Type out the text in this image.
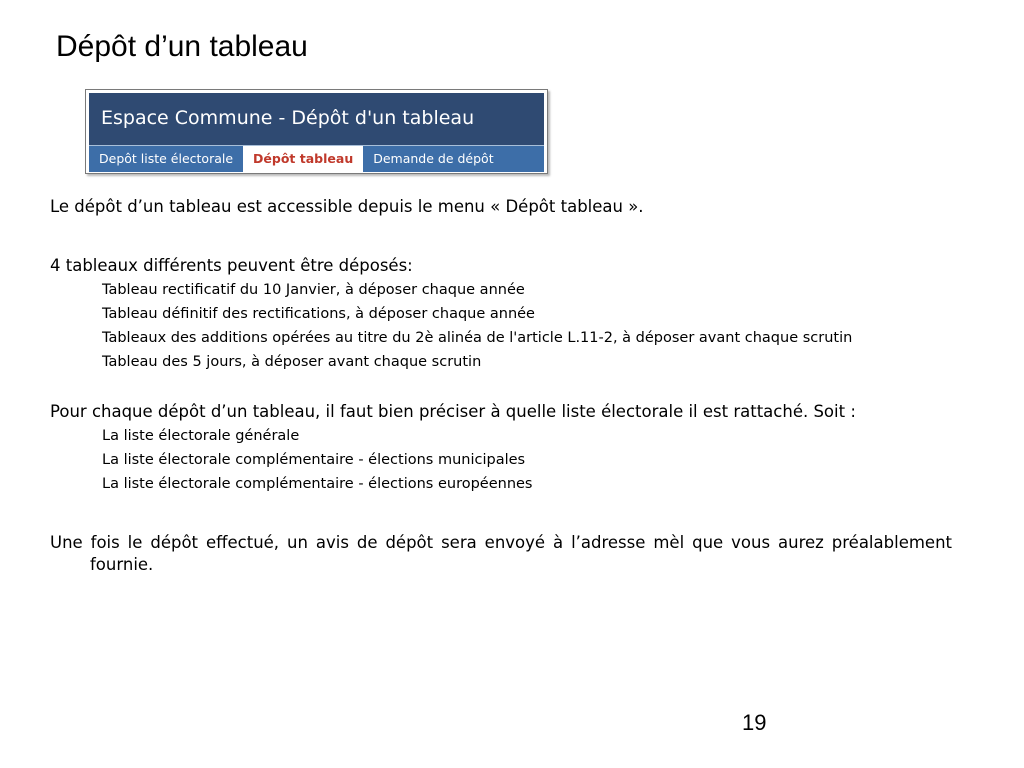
Dépôt d’un tableau
Espace Commune - Dépôt d'un tableau
Depôt liste électorale	Dépôt tableau	Demande de dépôt

Le dépôt d’un tableau est accessible depuis le menu « Dépôt tableau ».

4 tableaux différents peuvent être déposés:

Tableau rectificatif du 10 Janvier, à déposer chaque année

Tableau définitif des rectifications, à déposer chaque année

Tableaux des additions opérées au titre du 2è alinéa de l'article L.11-2, à déposer avant chaque scrutin

Tableau des 5 jours, à déposer avant chaque scrutin

Pour chaque dépôt d’un tableau, il faut bien préciser à quelle liste électorale il est rattaché. Soit :

La liste électorale générale

La liste électorale complémentaire - élections municipales

La liste électorale complémentaire - élections européennes

Une fois le dépôt effectué, un avis de dépôt sera envoyé à l’adresse mèl que vous aurez préalablement fournie.

19
